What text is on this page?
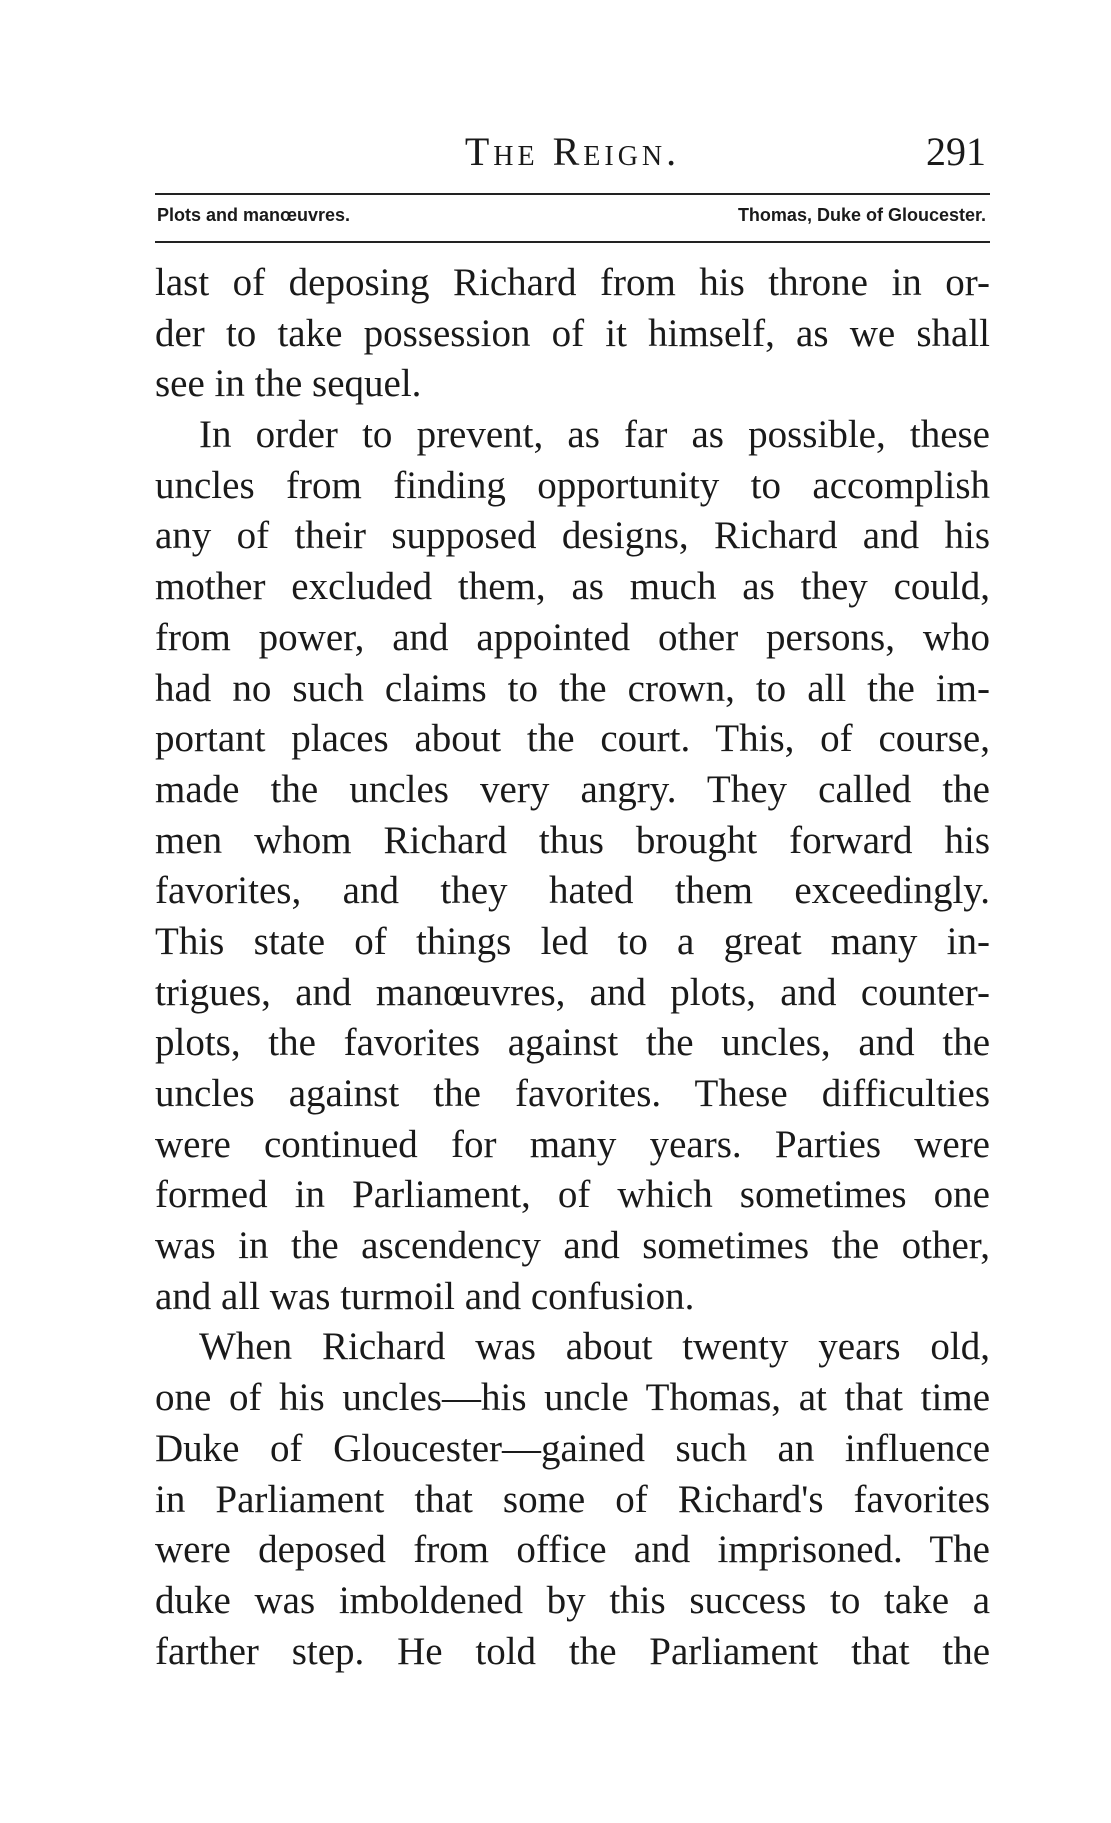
The Reign.	291
Plots and manœuvres.	Thomas, Duke of Gloucester.
last of deposing Richard from his throne in or-
der to take possession of it himself, as we shall
see in the sequel.
In order to prevent, as far as possible, these
uncles from finding opportunity to accomplish
any of their supposed designs, Richard and his
mother excluded them, as much as they could,
from power, and appointed other persons, who
had no such claims to the crown, to all the im-
portant places about the court. This, of course,
made the uncles very angry. They called the
men whom Richard thus brought forward his
favorites, and they hated them exceedingly.
This state of things led to a great many in-
trigues, and manœuvres, and plots, and counter-
plots, the favorites against the uncles, and the
uncles against the favorites. These difficulties
were continued for many years. Parties were
formed in Parliament, of which sometimes one
was in the ascendency and sometimes the other,
and all was turmoil and confusion.
When Richard was about twenty years old,
one of his uncles—his uncle Thomas, at that time
Duke of Gloucester—gained such an influence
in Parliament that some of Richard's favorites
were deposed from office and imprisoned. The
duke was imboldened by this success to take a
farther step. He told the Parliament that the
